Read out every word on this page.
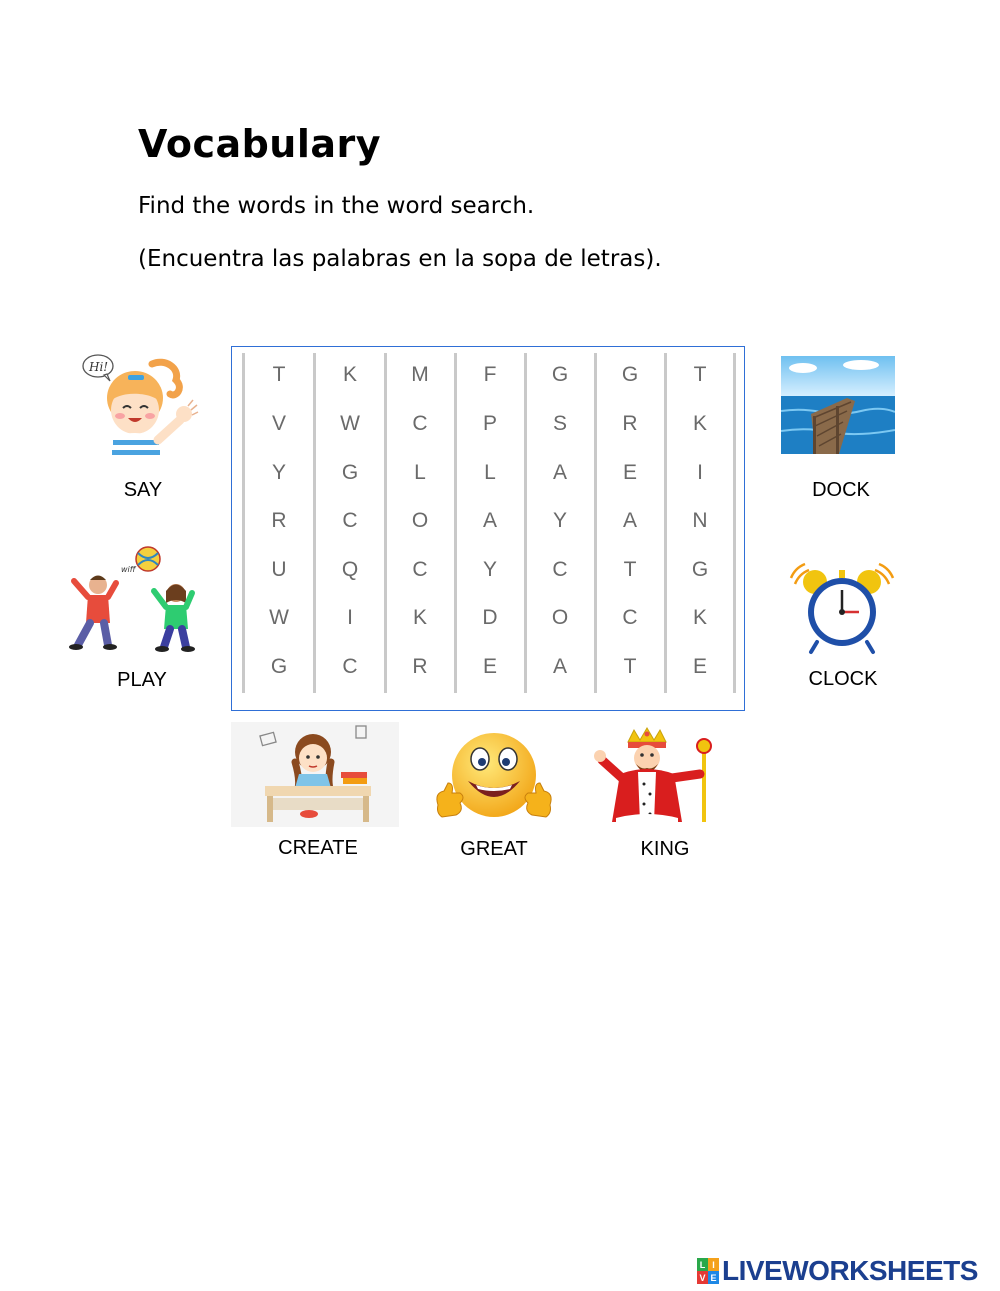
Vocabulary
Find the words in the word search.
(Encuentra las palabras en la sopa de letras).
Hi!
SAY
wiff
PLAY
T	K	M	F	G	G	T
V	W	C	P	S	R	K
Y	G	L	L	A	E	I
R	C	O	A	Y	A	N
U	Q	C	Y	C	T	G
W	I	K	D	O	C	K
G	C	R	E	A	T	E
DOCK
CLOCK
CREATE	GREAT	KING
L I
V E LIVEWORKSHEETS
